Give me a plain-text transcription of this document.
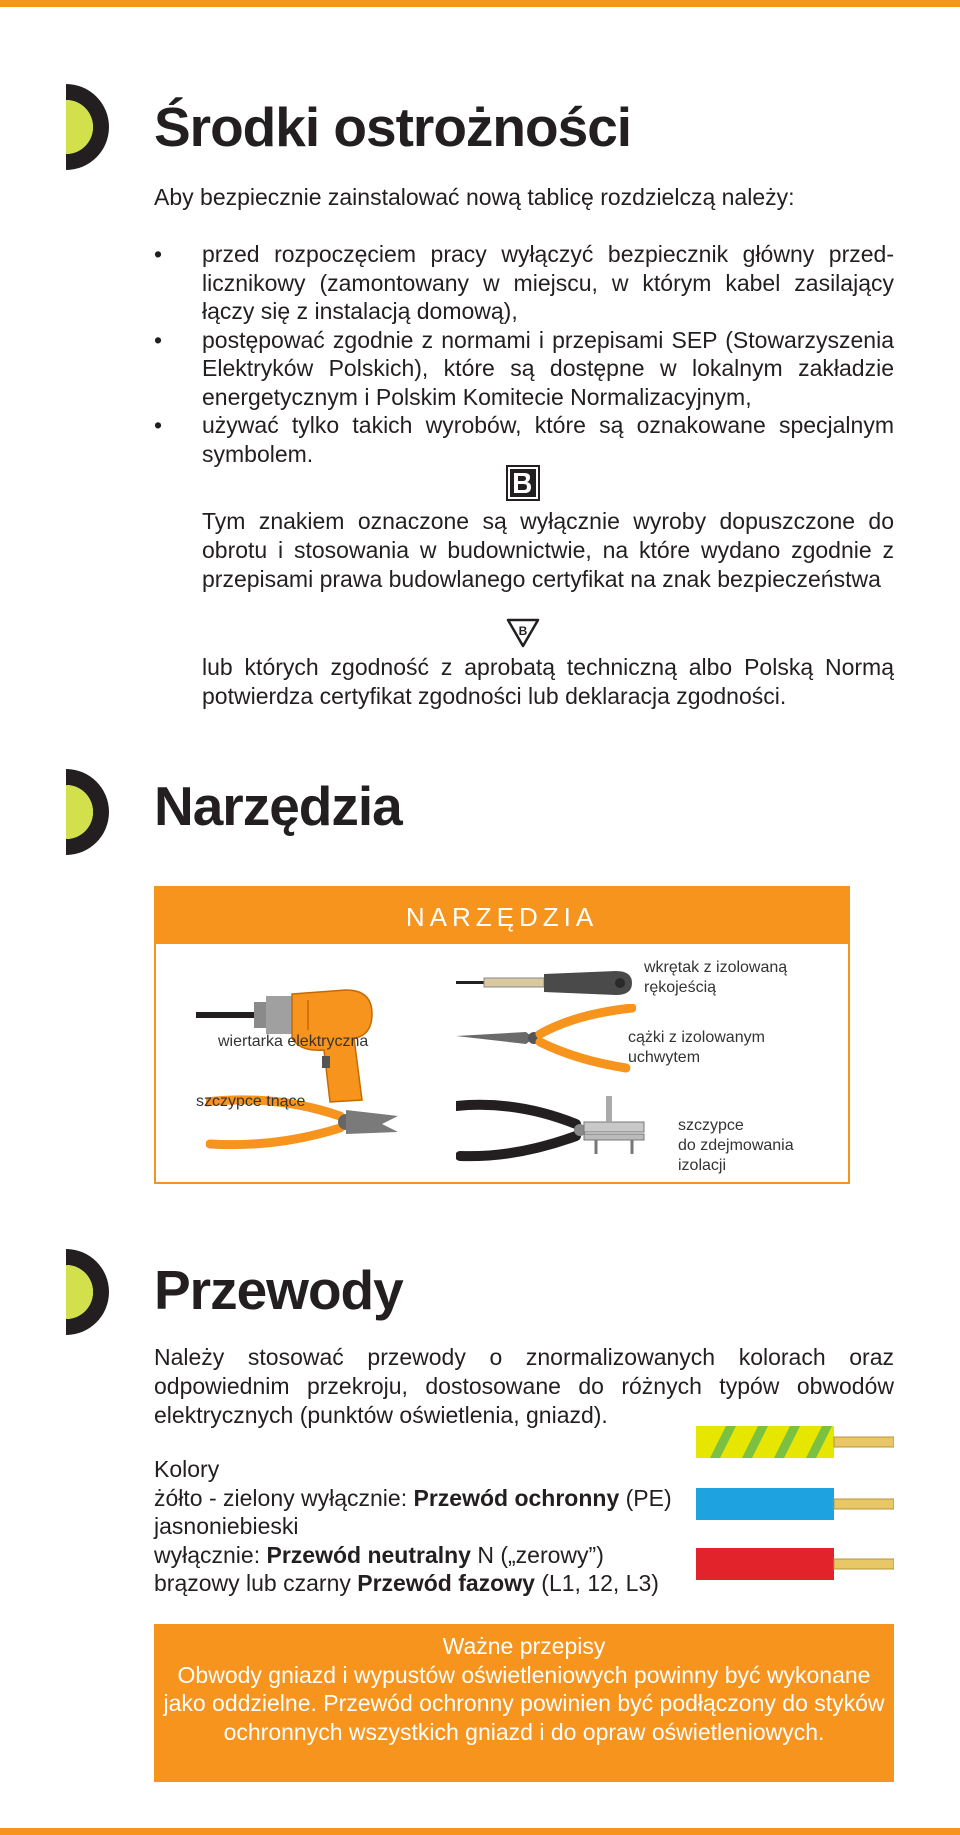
Środki ostrożności
Aby bezpiecznie zainstalować nową tablicę rozdzielczą należy:
• przed rozpoczęciem pracy wyłączyć bezpiecznik główny przed-licznikowy (zamontowany w miejscu, w którym kabel zasilający łączy się z instalacją domową),
• postępować zgodnie z normami i przepisami SEP (Stowarzyszenia Elektryków Polskich), które są dostępne w lokalnym zakładzie energetycznym i Polskim Komitecie Normalizacyjnym,
• używać tylko takich wyrobów, które są oznakowane specjalnym symbolem.
Tym znakiem oznaczone są wyłącznie wyroby dopuszczone do obrotu i stosowania w budownictwie, na które wydano zgodnie z przepisami prawa budowlanego certyfikat na znak bezpieczeństwa
B
lub których zgodność z aprobatą techniczną albo Polską Normą potwierdza certyfikat zgodności lub deklaracja zgodności.
Narzędzia
NARZĘDZIA
wiertarka elektryczna
wkrętak z izolowaną
rękojeścią
cążki z izolowanym
uchwytem
szczypce tnące
szczypce
do zdejmowania
izolacji
Przewody
Należy stosować przewody o znormalizowanych kolorach oraz odpowiednim przekroju, dostosowane do różnych typów obwodów elektrycznych (punktów oświetlenia, gniazd).
Kolory
żółto - zielony wyłącznie: Przewód ochronny (PE)
jasnoniebieski
wyłącznie: Przewód neutralny N („zerowy”)
brązowy lub czarny Przewód fazowy (L1, 12, L3)
Ważne przepisy
Obwody gniazd i wypustów oświetleniowych powinny być wykonane jako oddzielne. Przewód ochronny powinien być podłączony do styków ochronnych wszystkich gniazd i do opraw oświetleniowych.
